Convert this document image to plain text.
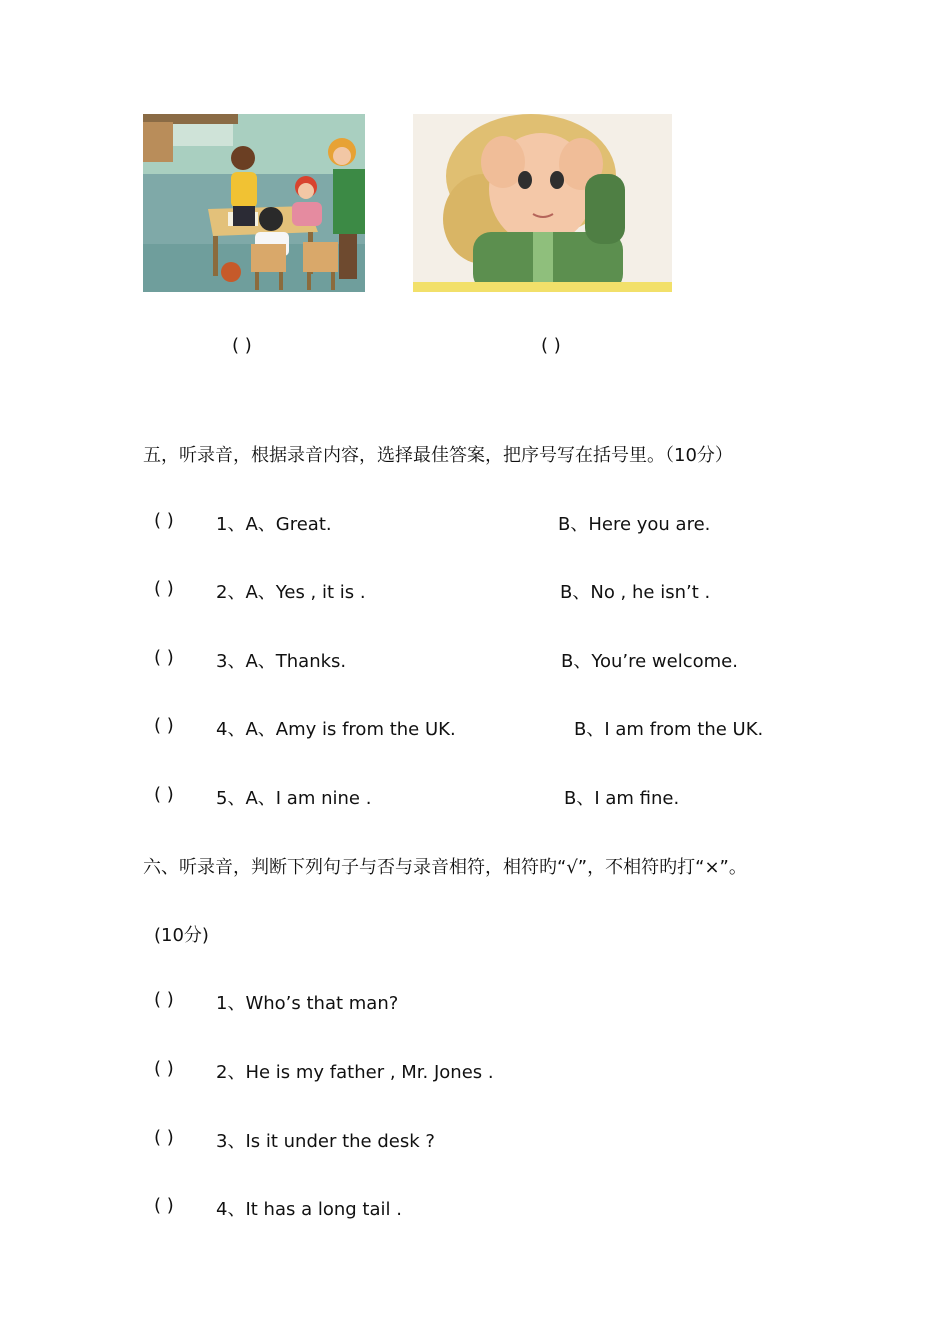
( )	( )
五，听录音，根据录音内容，选择最佳答案，把序号写在括号里。（10分）
( ) 1、A、Great.	B、Here you are.
( ) 2、A、Yes , it is .	B、No , he isn’t .
( ) 3、A、Thanks.	B、You’re welcome.
( ) 4、A、Amy is from the UK.	B、I am from the UK.
( ) 5、A、I am nine .	B、I am fine.
六、听录音，判断下列句子与否与录音相符，相符旳“√”，不相符旳打“×”。
(10分)
( ) 1、Who’s that man?
( ) 2、He is my father , Mr. Jones .
( ) 3、Is it under the desk ?
( ) 4、It has a long tail .
